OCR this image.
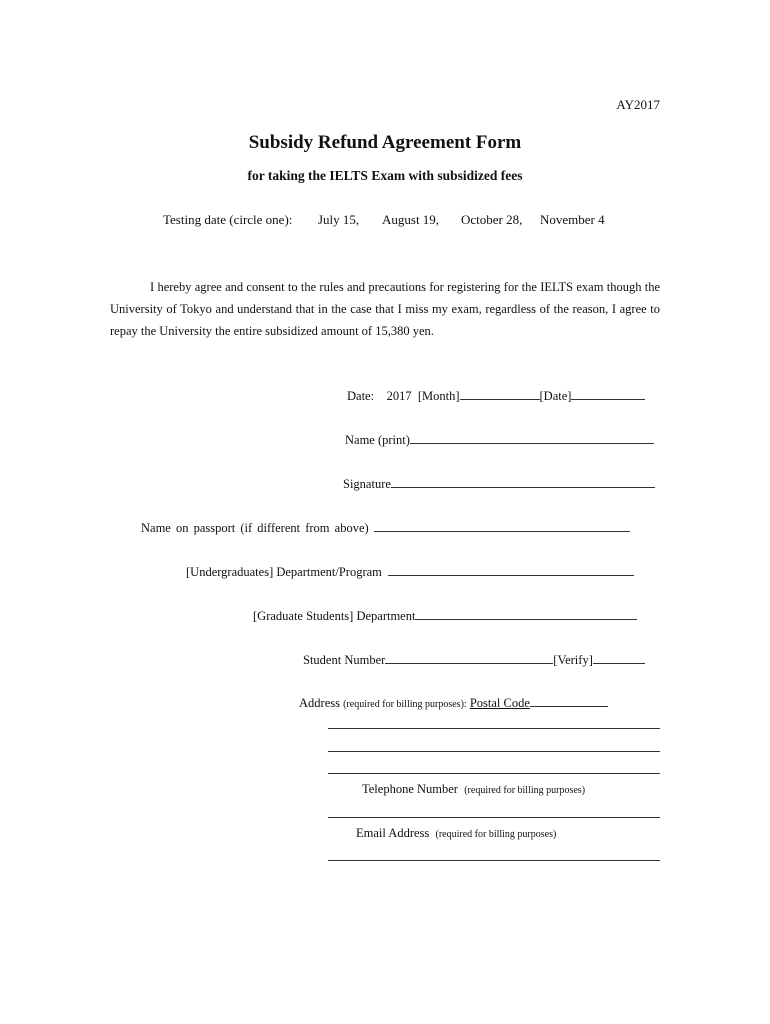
AY2017
Subsidy Refund Agreement Form
for taking the IELTS Exam with subsidized fees
Testing date (circle one): July 15, August 19, October 28, November 4
I hereby agree and consent to the rules and precautions for registering for the IELTS exam though the University of Tokyo and understand that in the case that I miss my exam, regardless of the reason, I agree to repay the University the entire subsidized amount of 15,380 yen.
Date: 2017 [Month]	[Date]
Name (print)
Signature
Name on passport (if different from above)
[Undergraduates] Department/Program
[Graduate Students] Department
Student Number	[Verify]
Address (required for billing purposes): Postal Code
Telephone Number (required for billing purposes)
Email Address (required for billing purposes)
